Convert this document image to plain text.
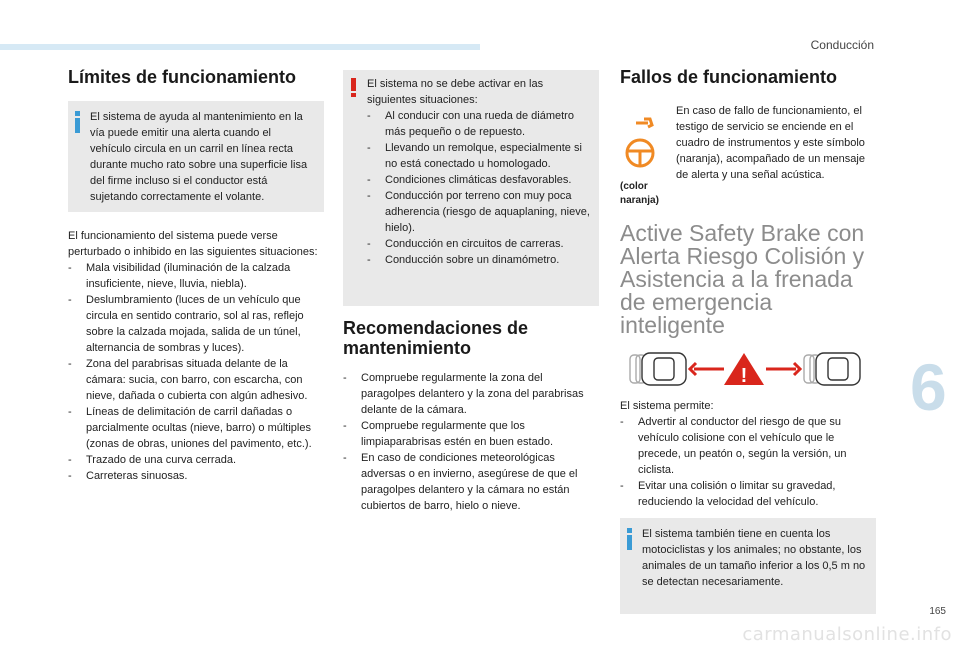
Conducción
6
165
carmanualsonline.info
Límites de funcionamiento
El sistema de ayuda al mantenimiento en la vía puede emitir una alerta cuando el vehículo circula en un carril en línea recta durante mucho rato sobre una superficie lisa del firme incluso si el conductor está sujetando correctamente el volante.
El funcionamiento del sistema puede verse perturbado o inhibido en las siguientes situaciones:
- Mala visibilidad (iluminación de la calzada insuficiente, nieve, lluvia, niebla).
- Deslumbramiento (luces de un vehículo que circula en sentido contrario, sol al ras, reflejo sobre la calzada mojada, salida de un túnel, alternancia de sombras y luces).
- Zona del parabrisas situada delante de la cámara: sucia, con barro, con escarcha, con nieve, dañada o cubierta con algún adhesivo.
- Líneas de delimitación de carril dañadas o parcialmente ocultas (nieve, barro) o múltiples (zonas de obras, uniones del pavimento, etc.).
- Trazado de una curva cerrada.
- Carreteras sinuosas.
El sistema no se debe activar en las siguientes situaciones:
- Al conducir con una rueda de diámetro más pequeño o de repuesto.
- Llevando un remolque, especialmente si no está conectado u homologado.
- Condiciones climáticas desfavorables.
- Conducción por terreno con muy poca adherencia (riesgo de aquaplaning, nieve, hielo).
- Conducción en circuitos de carreras.
- Conducción sobre un dinamómetro.
Recomendaciones de mantenimiento
- Compruebe regularmente la zona del paragolpes delantero y la zona del parabrisas delante de la cámara.
- Compruebe regularmente que los limpiaparabrisas estén en buen estado.
- En caso de condiciones meteorológicas adversas o en invierno, asegúrese de que el paragolpes delantero y la cámara no están cubiertos de barro, hielo o nieve.
Fallos de funcionamiento
(color naranja)
En caso de fallo de funcionamiento, el testigo de servicio se enciende en el cuadro de instrumentos y este símbolo (naranja), acompañado de un mensaje de alerta y una señal acústica.
Active Safety Brake con Alerta Riesgo Colisión y Asistencia a la frenada de emergencia inteligente
!
El sistema permite:
- Advertir al conductor del riesgo de que su vehículo colisione con el vehículo que le precede, un peatón o, según la versión, un ciclista.
- Evitar una colisión o limitar su gravedad, reduciendo la velocidad del vehículo.
El sistema también tiene en cuenta los motociclistas y los animales; no obstante, los animales de un tamaño inferior a los 0,5 m no se detectan necesariamente.
